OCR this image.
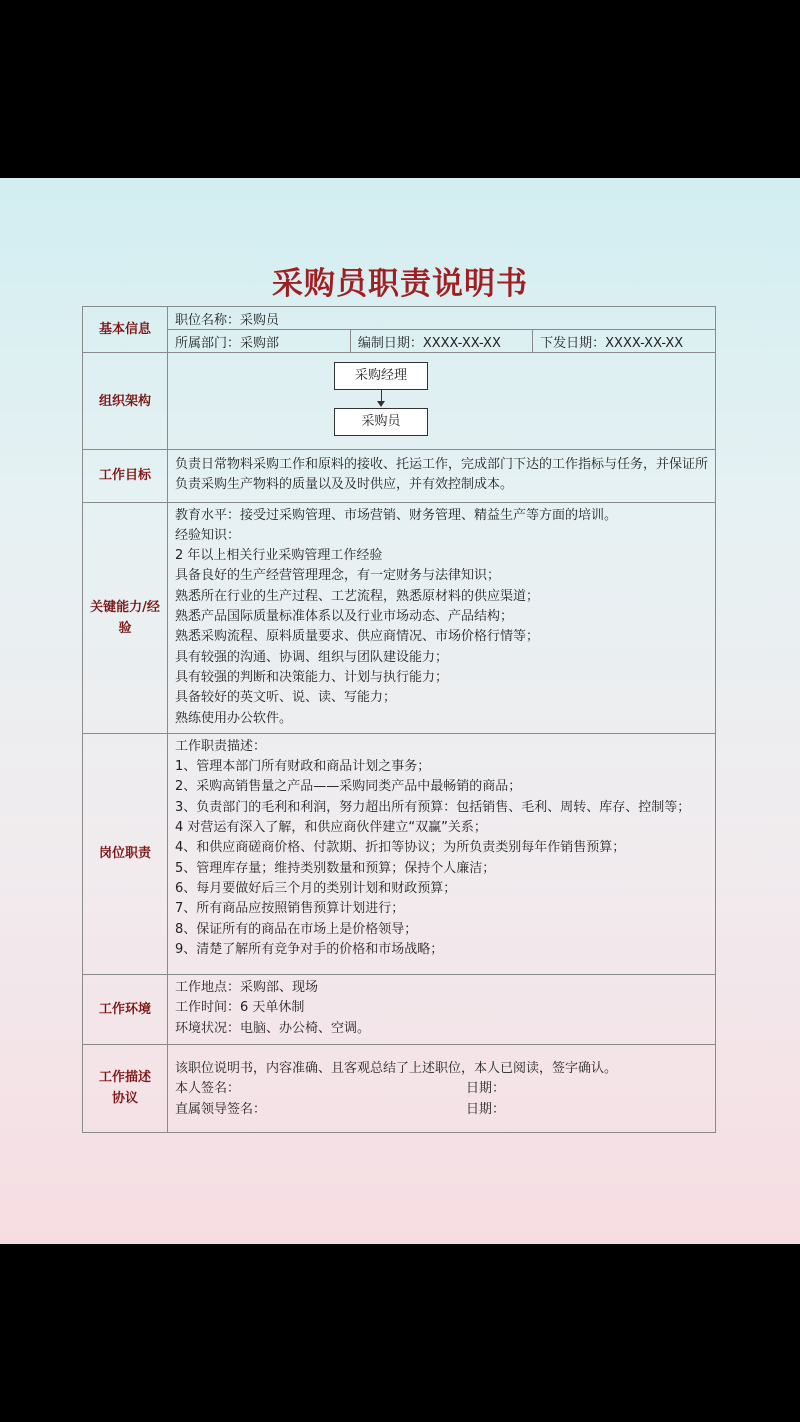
采购员职责说明书
基本信息	
职位名称：采购员
所属部门：采购部	编制日期：XXXX-XX-XX	下发日期：XXXX-XX-XX

组织架构	
采购经理
采购员

工作目标	
负责日常物料采购工作和原料的接收、托运工作，完成部门下达的工作指标与任务，并保证所负责采购生产物料的质量以及及时供应，并有效控制成本。

关键能力/经验	
教育水平：接受过采购管理、市场营销、财务管理、精益生产等方面的培训。
经验知识：
2 年以上相关行业采购管理工作经验
具备良好的生产经营管理理念，有一定财务与法律知识；
熟悉所在行业的生产过程、工艺流程，熟悉原材料的供应渠道；
熟悉产品国际质量标准体系以及行业市场动态、产品结构；
熟悉采购流程、原料质量要求、供应商情况、市场价格行情等；
具有较强的沟通、协调、组织与团队建设能力；
具有较强的判断和决策能力、计划与执行能力；
具备较好的英文听、说、读、写能力；
熟练使用办公软件。

岗位职责	
工作职责描述：
1、管理本部门所有财政和商品计划之事务；
2、采购高销售量之产品——采购同类产品中最畅销的商品；
3、负责部门的毛利和利润，努力超出所有预算：包括销售、毛利、周转、库存、控制等；
4 对营运有深入了解，和供应商伙伴建立“双赢”关系；
4、和供应商磋商价格、付款期、折扣等协议；为所负责类别每年作销售预算；
5、管理库存量；维持类别数量和预算；保持个人廉洁；
6、每月要做好后三个月的类别计划和财政预算；
7、所有商品应按照销售预算计划进行；
8、保证所有的商品在市场上是价格领导；
9、清楚了解所有竞争对手的价格和市场战略；

工作环境	
工作地点：采购部、现场
工作时间：6 天单休制
环境状况：电脑、办公椅、空调。

工作描述协议	
该职位说明书，内容准确、且客观总结了上述职位，本人已阅读，签字确认。
本人签名：	日期：
直属领导签名：	日期：
